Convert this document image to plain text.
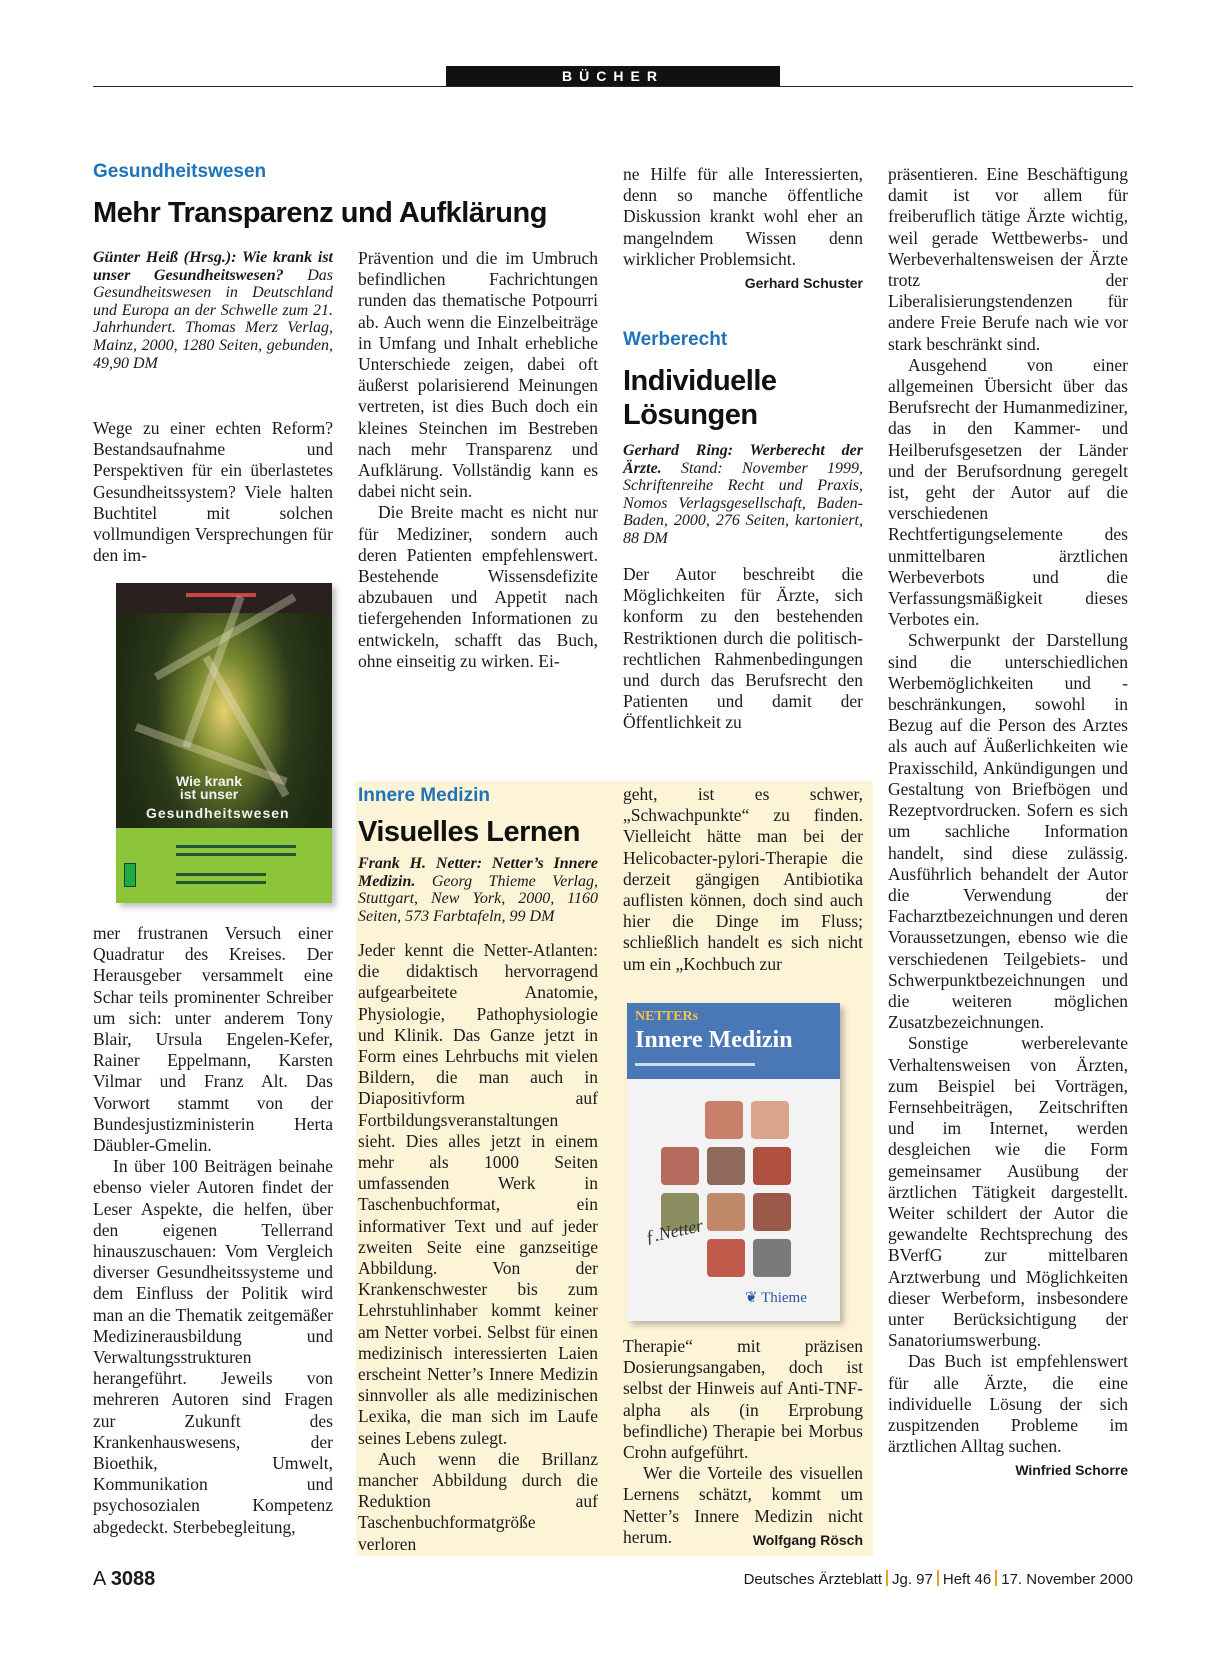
BÜCHER
Gesundheitswesen
Mehr Transparenz und Aufklärung
Günter Heiß (Hrsg.): Wie krank ist unser Gesundheitswesen? Das Gesundheitswesen in Deutschland und Europa an der Schwelle zum 21. Jahrhundert. Thomas Merz Verlag, Mainz, 2000, 1280 Seiten, gebunden, 49,90 DM

Wege zu einer echten Reform? Bestandsaufnahme und Perspektiven für ein überlastetes Gesundheitssystem? Viele halten Buchtitel mit solchen vollmundigen Versprechungen für den im-

Wie krank
ist unser
Gesundheitswesen

mer frustranen Versuch einer Quadratur des Kreises. Der Herausgeber versammelt eine Schar teils prominenter Schreiber um sich: unter anderem Tony Blair, Ursula Engelen-Kefer, Rainer Eppelmann, Karsten Vilmar und Franz Alt. Das Vorwort stammt von der Bundesjustizministerin Herta Däubler-Gmelin.

In über 100 Beiträgen beinahe ebenso vieler Autoren findet der Leser Aspekte, die helfen, über den eigenen Tellerrand hinauszuschauen: Vom Vergleich diverser Gesundheitssysteme und dem Einfluss der Politik wird man an die Thematik zeitgemäßer Medizinerausbildung und Verwaltungsstrukturen herangeführt. Jeweils von mehreren Autoren sind Fragen zur Zukunft des Krankenhauswesens, der Bioethik, Umwelt, Kommunikation und psychosozialen Kompetenz abgedeckt. Sterbebegleitung,

Prävention und die im Umbruch befindlichen Fachrichtungen runden das thematische Potpourri ab. Auch wenn die Einzelbeiträge in Umfang und Inhalt erhebliche Unterschiede zeigen, dabei oft äußerst polarisierend Meinungen vertreten, ist dies Buch doch ein kleines Steinchen im Bestreben nach mehr Transparenz und Aufklärung. Vollständig kann es dabei nicht sein.

Die Breite macht es nicht nur für Mediziner, sondern auch deren Patienten empfehlenswert. Bestehende Wissensdefizite abzubauen und Appetit nach tiefergehenden Informationen zu entwickeln, schafft das Buch, ohne einseitig zu wirken. Ei-

ne Hilfe für alle Interessierten, denn so manche öffentliche Diskussion krankt wohl eher an mangelndem Wissen denn wirklicher Problemsicht.
Gerhard Schuster

Werberecht
Individuelle
Lösungen
Gerhard Ring: Werberecht der Ärzte. Stand: November 1999, Schriftenreihe Recht und Praxis, Nomos Verlagsgesellschaft, Baden-Baden, 2000, 276 Seiten, kartoniert, 88 DM

Der Autor beschreibt die Möglichkeiten für Ärzte, sich konform zu den bestehenden Restriktionen durch die politisch-rechtlichen Rahmenbedingungen und durch das Berufsrecht den Patienten und damit der Öffentlichkeit zu

präsentieren. Eine Beschäftigung damit ist vor allem für freiberuflich tätige Ärzte wichtig, weil gerade Wettbewerbs- und Werbeverhaltensweisen der Ärzte trotz der Liberalisierungstendenzen für andere Freie Berufe nach wie vor stark beschränkt sind.

Ausgehend von einer allgemeinen Übersicht über das Berufsrecht der Humanmediziner, das in den Kammer- und Heilberufsgesetzen der Länder und der Berufsordnung geregelt ist, geht der Autor auf die verschiedenen Rechtfertigungselemente des unmittelbaren ärztlichen Werbeverbots und die Verfassungsmäßigkeit dieses Verbotes ein.

Schwerpunkt der Darstellung sind die unterschiedlichen Werbemöglichkeiten und -beschränkungen, sowohl in Bezug auf die Person des Arztes als auch auf Äußerlichkeiten wie Praxisschild, Ankündigungen und Gestaltung von Briefbögen und Rezeptvordrucken. Sofern es sich um sachliche Information handelt, sind diese zulässig. Ausführlich behandelt der Autor die Verwendung der Facharztbezeichnungen und deren Voraussetzungen, ebenso wie die verschiedenen Teilgebiets- und Schwerpunktbezeichnungen und die weiteren möglichen Zusatzbezeichnungen.

Sonstige werberelevante Verhaltensweisen von Ärzten, zum Beispiel bei Vorträgen, Fernsehbeiträgen, Zeitschriften und im Internet, werden desgleichen wie die Form gemeinsamer Ausübung der ärztlichen Tätigkeit dargestellt. Weiter schildert der Autor die gewandelte Rechtsprechung des BVerfG zur mittelbaren Arztwerbung und Möglichkeiten dieser Werbeform, insbesondere unter Berücksichtigung der Sanatoriumswerbung.

Das Buch ist empfehlenswert für alle Ärzte, die eine individuelle Lösung der sich zuspitzenden Probleme im ärztlichen Alltag suchen.
Winfried Schorre

Innere Medizin
Visuelles Lernen
Frank H. Netter: Netter’s Innere Medizin. Georg Thieme Verlag, Stuttgart, New York, 2000, 1160 Seiten, 573 Farbtafeln, 99 DM

Jeder kennt die Netter-Atlanten: die didaktisch hervorragend aufgearbeitete Anatomie, Physiologie, Pathophysiologie und Klinik. Das Ganze jetzt in Form eines Lehrbuchs mit vielen Bildern, die man auch in Diapositivform auf Fortbildungsveranstaltungen sieht. Dies alles jetzt in einem mehr als 1000 Seiten umfassenden Werk in Taschenbuchformat, ein informativer Text und auf jeder zweiten Seite eine ganzseitige Abbildung. Von der Krankenschwester bis zum Lehrstuhlinhaber kommt keiner am Netter vorbei. Selbst für einen medizinisch interessierten Laien erscheint Netter’s Innere Medizin sinnvoller als alle medizinischen Lexika, die man sich im Laufe seines Lebens zulegt.

Auch wenn die Brillanz mancher Abbildung durch die Reduktion auf Taschenbuchformatgröße verloren

geht, ist es schwer, „Schwachpunkte“ zu finden. Vielleicht hätte man bei der Helicobacter-pylori-Therapie die derzeit gängigen Antibiotika auflisten können, doch sind auch hier die Dinge im Fluss; schließlich handelt es sich nicht um ein „Kochbuch zur

NETTERs
Innere Medizin
ƒ.Netter
❦ Thieme

Therapie“ mit präzisen Dosierungsangaben, doch ist selbst der Hinweis auf Anti-TNF-alpha als (in Erprobung befindliche) Therapie bei Morbus Crohn aufgeführt.

Wer die Vorteile des visuellen Lernens schätzt, kommt um Netter’s Innere Medizin nicht herum.	Wolfgang Rösch

A 3088	Deutsches Ärzteblatt Jg. 97 Heft 46 17. November 2000
